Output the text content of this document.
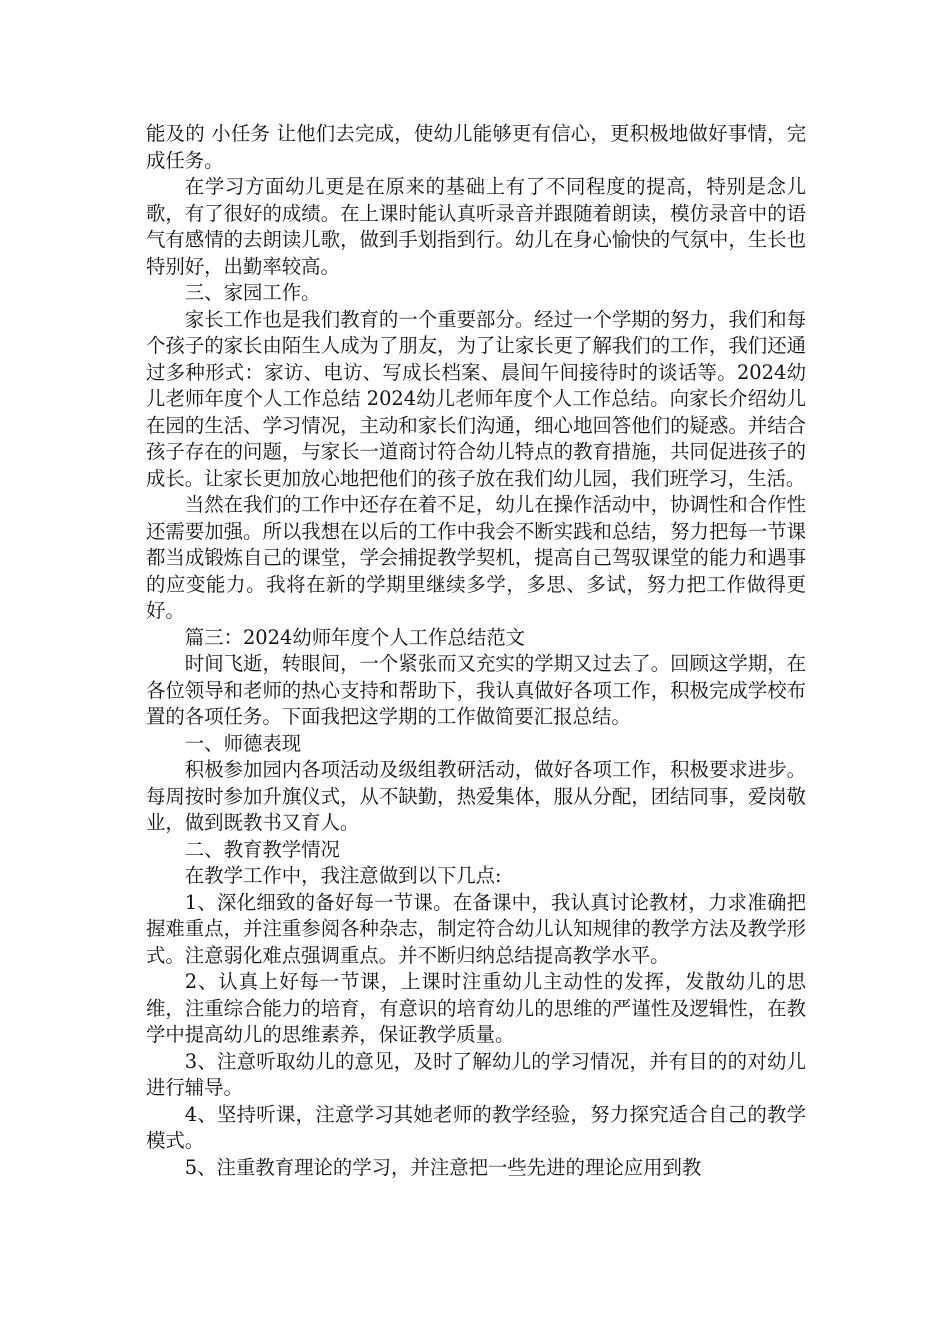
能及的 小任务 让他们去完成，使幼儿能够更有信心，更积极地做好事情，完成任务。

在学习方面幼儿更是在原来的基础上有了不同程度的提高，特别是念儿歌，有了很好的成绩。在上课时能认真听录音并跟随着朗读，模仿录音中的语气有感情的去朗读儿歌，做到手划指到行。幼儿在身心愉快的气氛中，生长也特别好，出勤率较高。

三、家园工作。

家长工作也是我们教育的一个重要部分。经过一个学期的努力，我们和每个孩子的家长由陌生人成为了朋友，为了让家长更了解我们的工作，我们还通过多种形式：家访、电访、写成长档案、晨间午间接待时的谈话等。2024幼儿老师年度个人工作总结 2024幼儿老师年度个人工作总结。向家长介绍幼儿在园的生活、学习情况，主动和家长们沟通，细心地回答他们的疑惑。并结合孩子存在的问题，与家长一道商讨符合幼儿特点的教育措施，共同促进孩子的成长。让家长更加放心地把他们的孩子放在我们幼儿园，我们班学习，生活。

当然在我们的工作中还存在着不足，幼儿在操作活动中，协调性和合作性还需要加强。所以我想在以后的工作中我会不断实践和总结，努力把每一节课都当成锻炼自己的课堂，学会捕捉教学契机，提高自己驾驭课堂的能力和遇事的应变能力。我将在新的学期里继续多学，多思、多试，努力把工作做得更好。

篇三：2024幼师年度个人工作总结范文

时间飞逝，转眼间，一个紧张而又充实的学期又过去了。回顾这学期，在各位领导和老师的热心支持和帮助下，我认真做好各项工作，积极完成学校布置的各项任务。下面我把这学期的工作做简要汇报总结。

一、师德表现

积极参加园内各项活动及级组教研活动，做好各项工作，积极要求进步。每周按时参加升旗仪式，从不缺勤，热爱集体，服从分配，团结同事，爱岗敬业，做到既教书又育人。

二、教育教学情况

在教学工作中，我注意做到以下几点:

1、深化细致的备好每一节课。在备课中，我认真讨论教材，力求准确把握难重点，并注重参阅各种杂志，制定符合幼儿认知规律的教学方法及教学形式。注意弱化难点强调重点。并不断归纳总结提高教学水平。

2、认真上好每一节课，上课时注重幼儿主动性的发挥，发散幼儿的思维，注重综合能力的培育，有意识的培育幼儿的思维的严谨性及逻辑性，在教学中提高幼儿的思维素养，保证教学质量。

3、注意听取幼儿的意见，及时了解幼儿的学习情况，并有目的的对幼儿进行辅导。

4、坚持听课，注意学习其她老师的教学经验，努力探究适合自己的教学模式。

5、注重教育理论的学习，并注意把一些先进的理论应用到教
